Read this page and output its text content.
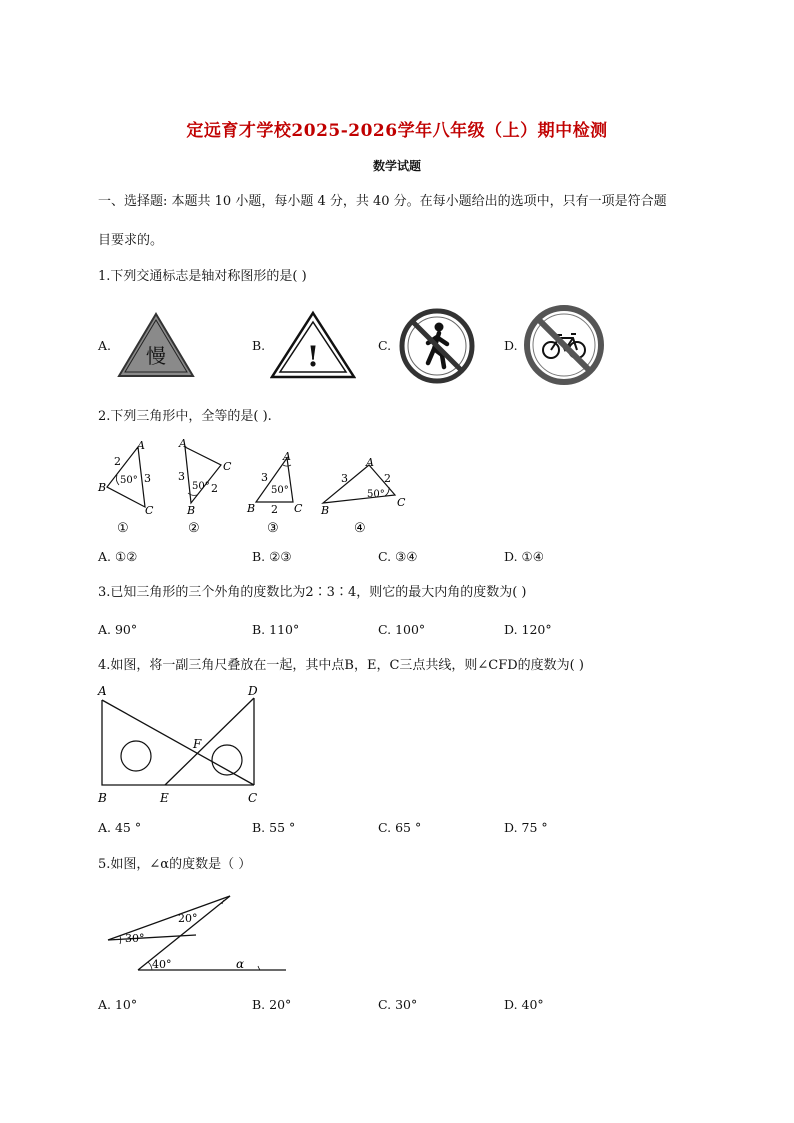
定远育才学校2025-2026学年八年级（上）期中检测
数学试题
一、选择题: 本题共 10 小题，每小题 4 分，共 40 分。在每小题给出的选项中，只有一项是符合题
目要求的。
1.下列交通标志是轴对称图形的是( )
A.	B.	C.	D.
慢	!
2.下列三角形中，全等的是( ).
A
B
C
2
3
50°
①
A
B
C
3
2
50°
②
A
B	C
3
2
50°
③
A
B
C
3	2
50°
④
A. ①②	B. ②③	C. ③④	D. ①④
3.已知三角形的三个外角的度数比为2∶3∶4，则它的最大内角的度数为( )
A. 90°	B. 110°	C. 100°	D. 120°
4.如图，将一副三角尺叠放在一起，其中点B，E，C三点共线，则∠CFD的度数为( )
A
B	E	C
D
F
A. 45 °	B. 55 °	C. 65 °	D. 75 °
5.如图，∠α的度数是（ ）
20°
30°
40°	α
A. 10°	B. 20°	C. 30°	D. 40°
